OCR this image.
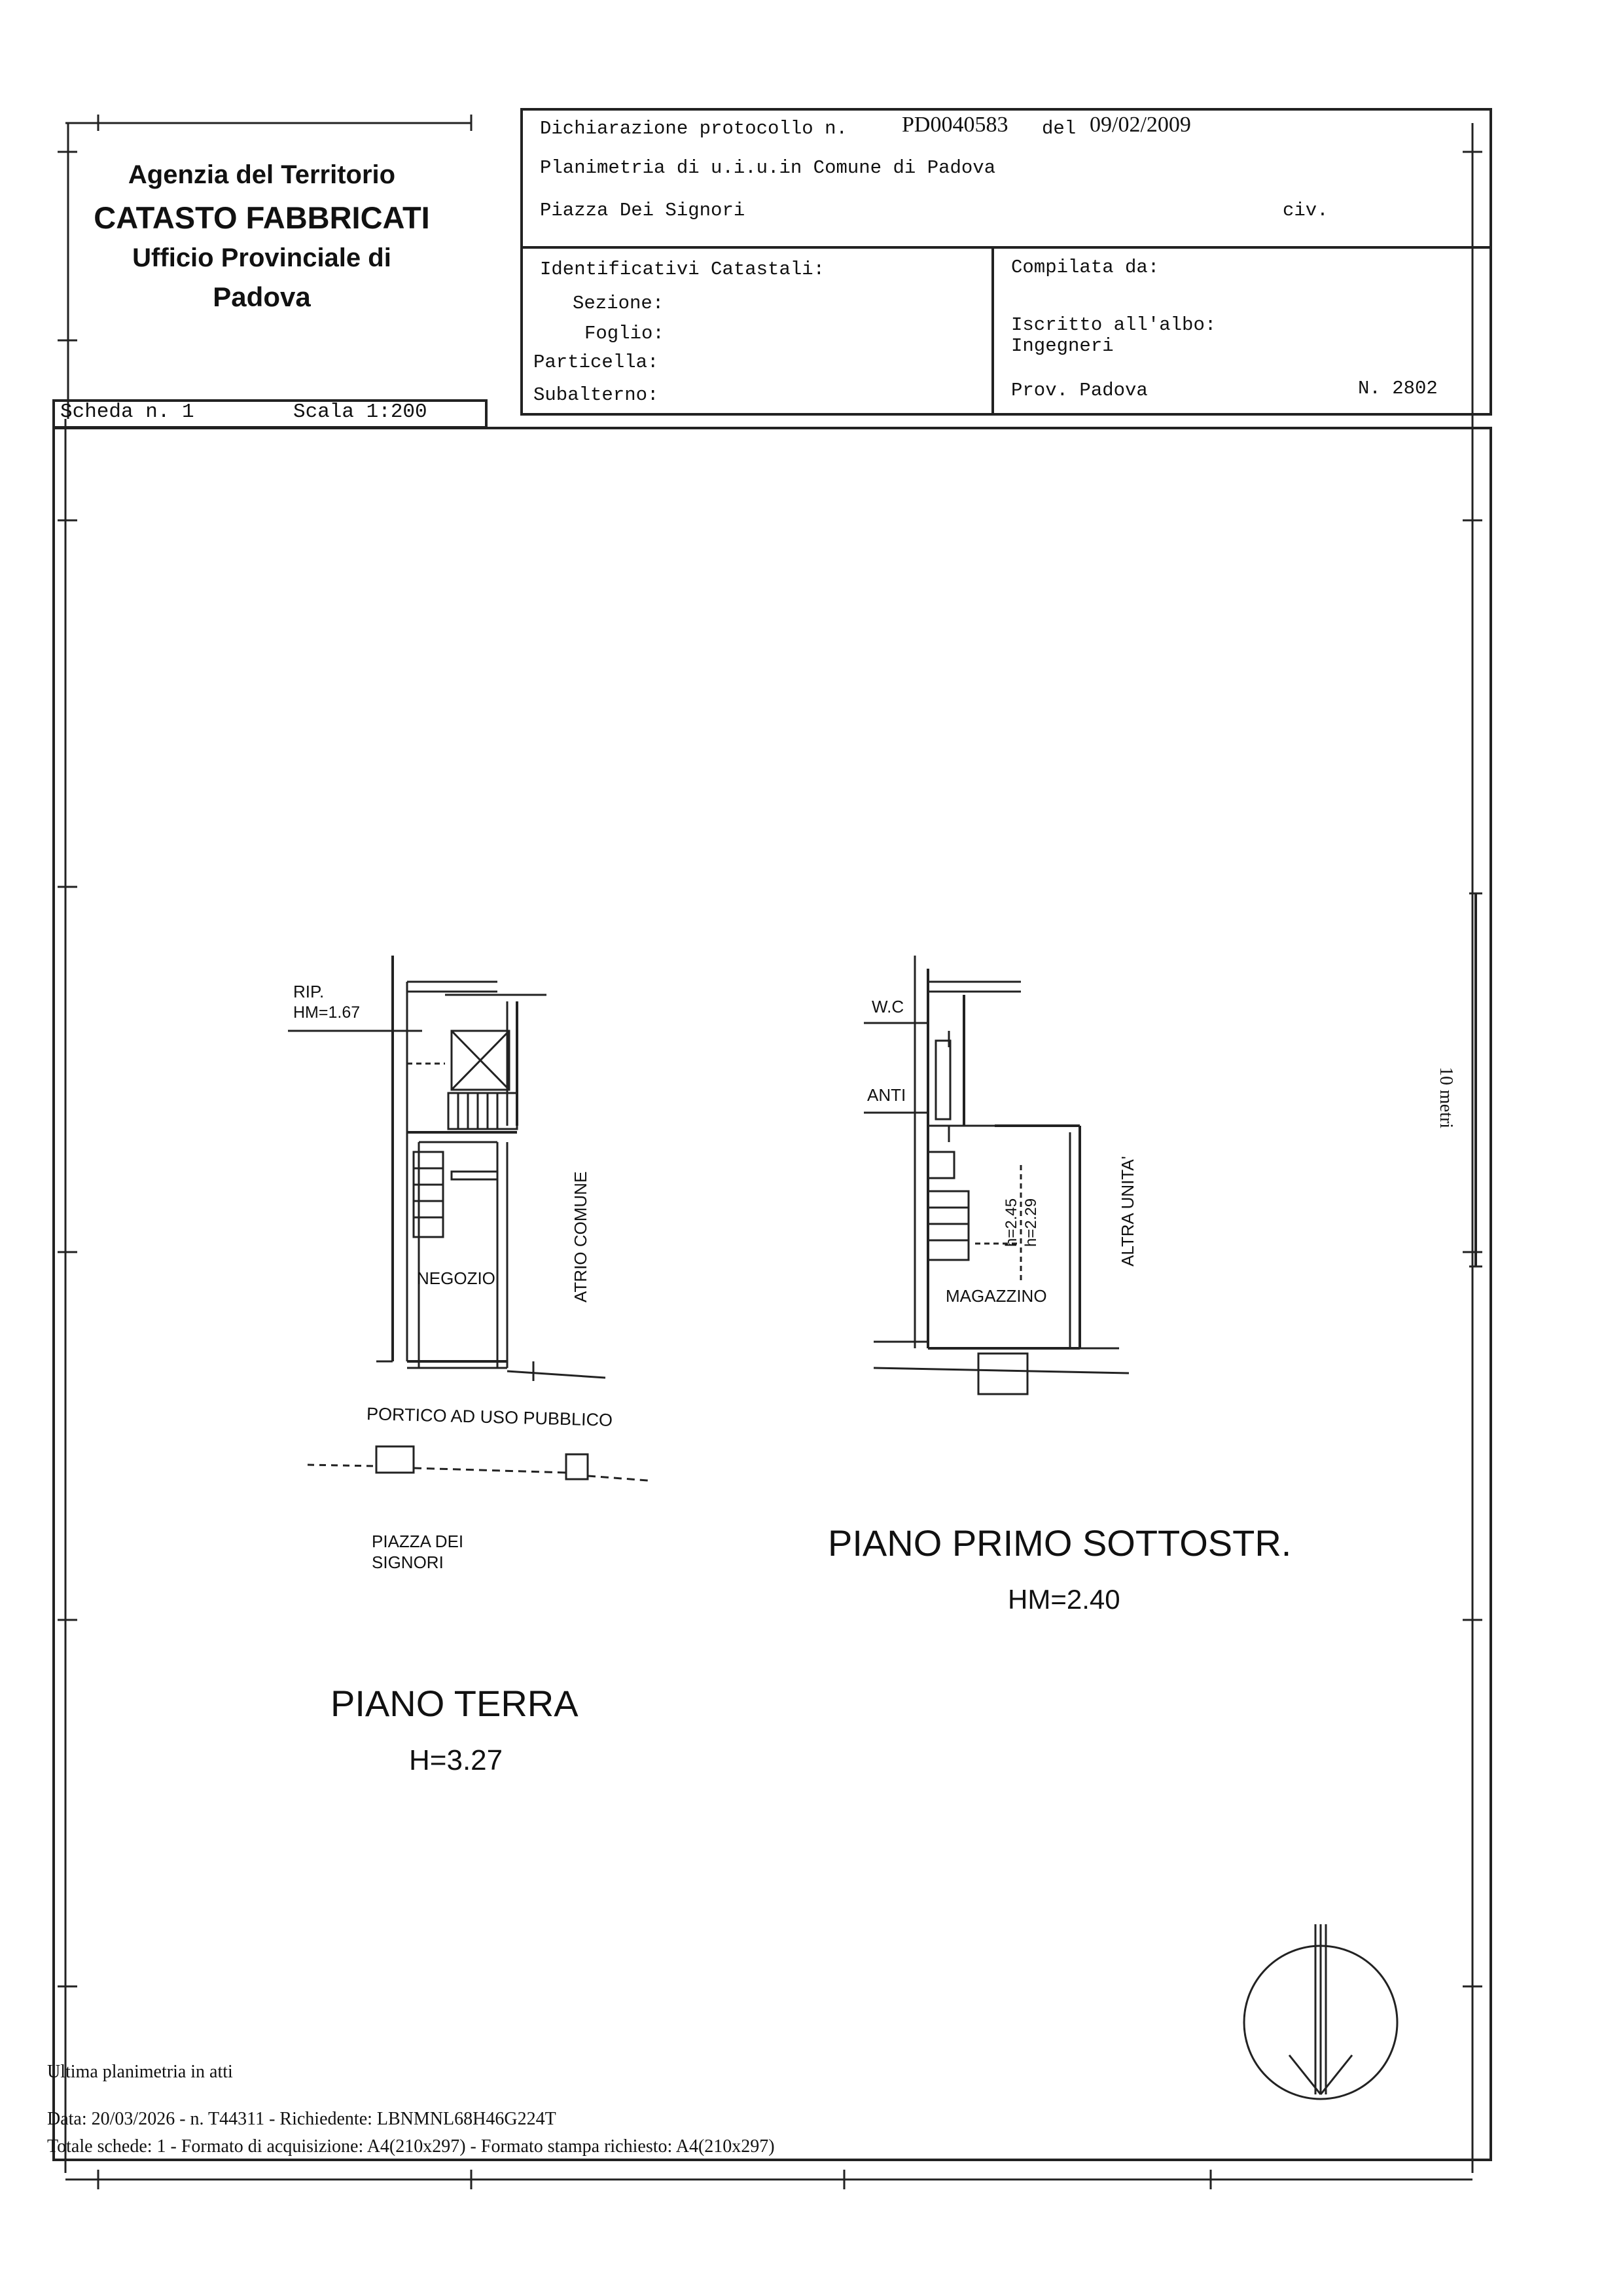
Agenzia del Territorio
CATASTO FABBRICATI
Ufficio Provinciale di
Padova
Scheda n. 1	Scala 1:200
Dichiarazione protocollo n. PD0040583 del 09/02/2009
Planimetria di u.i.u.in Comune di Padova
Piazza Dei Signori	civ.
Identificativi Catastali:
Sezione:
Foglio:
Particella:
Subalterno:
Compilata da:
Iscritto all'albo:
Ingegneri
Prov. Padova	N. 2802
10 metri
RIP.
HM=1.67
NEGOZIO	ATRIO COMUNE
PORTICO AD USO PUBBLICO
PIAZZA DEI
SIGNORI
PIANO TERRA
H=3.27
W.C
ANTI
h=2.45 h=2.29	ALTRA UNITA'
MAGAZZINO
PIANO PRIMO SOTTOSTR.
HM=2.40
Ultima planimetria in atti
Data: 20/03/2026 - n. T44311 - Richiedente: LBNMNL68H46G224T
Totale schede: 1 - Formato di acquisizione: A4(210x297) - Formato stampa richiesto: A4(210x297)
